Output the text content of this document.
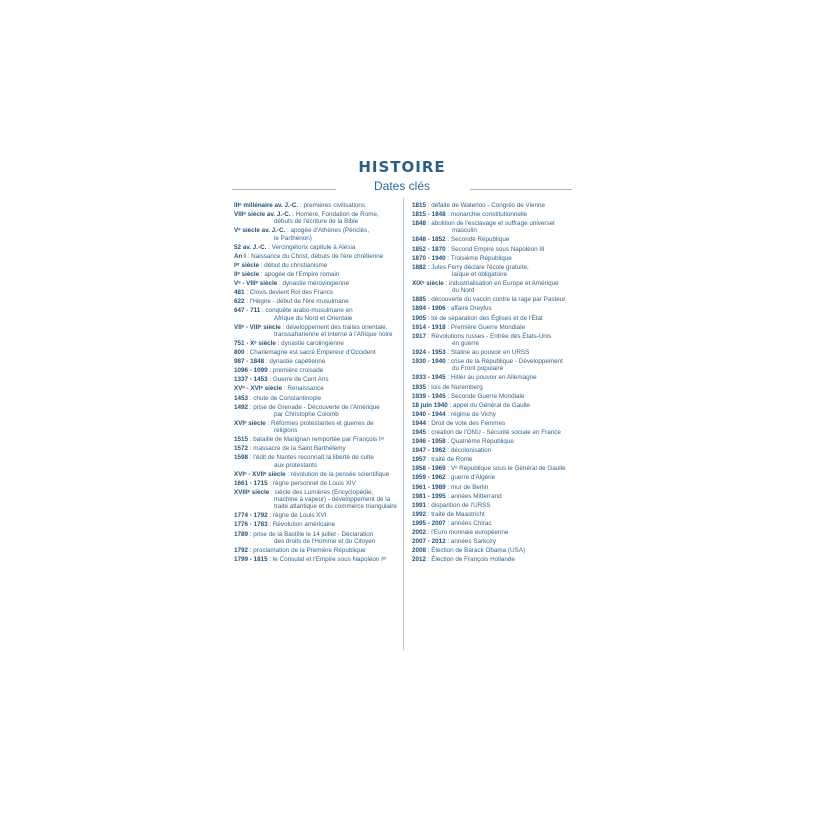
HISTOIRE
Dates clés
IIIᵉ millénaire av. J.-C. : premières civilisations
VIIIᵉ siècle av. J.-C. : Homère, Fondation de Rome,
débuts de l'écriture de la Bible
Vᵉ siècle av. J.-C. : apogée d'Athènes (Périclès,
le Parthénon)
52 av. J.-C. : Vercingétorix capitule à Alésia
An I : Naissance du Christ, débuts de l'ère chrétienne
Iᵉʳ siècle : début du christianisme
IIᵉ siècle : apogée de l'Empire romain
Vᵉ - VIIIᵉ siècle : dynastie mérovingienne
481 : Clovis devient Roi des Francs
622 : l'Hégire - début de l'ère musulmane
647 - 711 : conquête arabo-musulmane en
Afrique du Nord et Orientale
VIIᵉ - VIIIᵉ siècle : développement des traites orientale,
transsaharienne et interne à l'Afrique noire
751 - Xᵉ siècle : dynastie carolingienne
800 : Charlemagne est sacré Empereur d'Occident
987 - 1848 : dynastie capétienne
1096 - 1099 : première croisade
1337 - 1453 : Guerre de Cent Ans
XVᵉ - XVIᵉ siècle : Renaissance
1453 : chute de Constantinople
1492 : prise de Grenade - Découverte de l'Amérique
par Christophe Colomb
XVIᵉ siècle : Réformes protestantes et guerres de
religions
1515 : bataille de Marignan remportée par François Iᵉʳ
1572 : massacre de la Saint Barthélemy
1598 : l'édit de Nantes reconnaît la liberté de culte
aux protestants
XVIᵉ - XVIIᵉ siècle : révolution de la pensée scientifique
1661 - 1715 : règne personnel de Louis XIV
XVIIIᵉ siècle : siècle des Lumières (Encyclopédie,
machine à vapeur) - développement de la traite atlantique et du commerce triangulaire
1774 - 1792 : règne de Louis XVI
1776 - 1783 : Révolution américaine
1789 : prise de la Bastille le 14 juillet - Déclaration
des droits de l'Homme et du Citoyen
1792 : proclamation de la Première République
1799 - 1815 : le Consulat et l'Empire sous Napoléon Iᵉʳ
1815 : défaite de Waterloo - Congrès de Vienne
1815 - 1848 : monarchie constitutionnelle
1848 : abolition de l'esclavage et suffrage universel
masculin
1848 - 1852 : Seconde République
1852 - 1870 : Second Empire sous Napoléon III
1870 - 1940 : Troisième République
1882 : Jules Ferry déclare l'école gratuite,
laïque et obligatoire
XIXᵉ siècle : industrialisation en Europe et Amérique
du Nord
1885 : découverte du vaccin contre la rage par Pasteur
1894 - 1906 : affaire Dreyfus
1905 : loi de séparation des Églises et de l'État
1914 - 1918 : Première Guerre Mondiale
1917 : Révolutions russes - Entrée des États-Unis
en guerre
1924 - 1953 : Staline au pouvoir en URSS
1930 - 1940 : crise de la République - Développement
du Front populaire
1933 - 1945 : Hitler au pouvoir en Allemagne
1935 : lois de Nuremberg
1939 - 1945 : Seconde Guerre Mondiale
18 juin 1940 : appel du Général de Gaulle
1940 - 1944 : régime de Vichy
1944 : Droit de vote des Femmes
1945 : création de l'ONU - Sécurité sociale en France
1946 - 1958 : Quatrième République
1947 - 1962 : décolonisation
1957 : traité de Rome
1958 - 1969 : Vᵉ République sous le Général de Gaulle
1959 - 1962 : guerre d'Algérie
1961 - 1989 : mur de Berlin
1981 - 1995 : années Mitterrand
1991 : disparition de l'URSS
1992 : traité de Maastricht
1995 - 2007 : années Chirac
2002 : l'Euro monnaie européenne
2007 - 2012 : années Sarkozy
2008 : Élection de Barack Obama (USA)
2012 : Élection de François Hollande
